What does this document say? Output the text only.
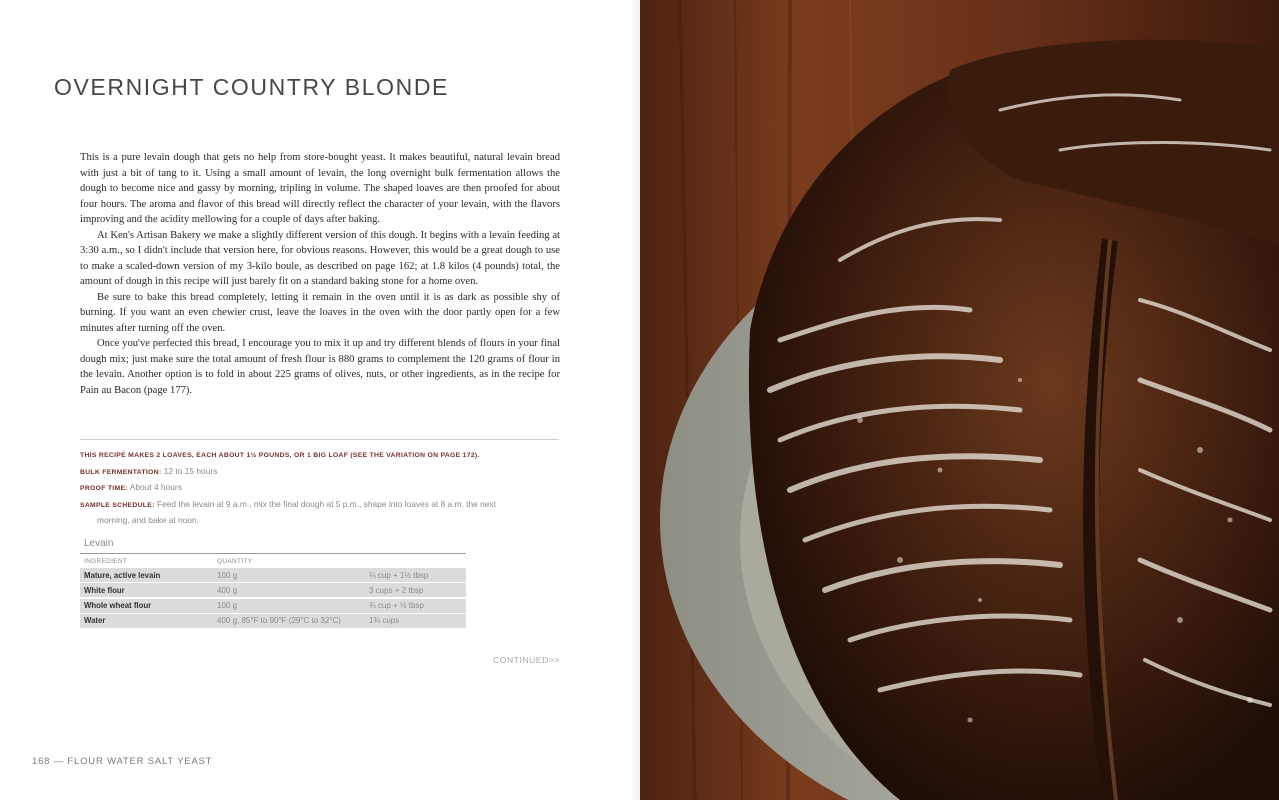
OVERNIGHT COUNTRY BLONDE

This is a pure levain dough that gets no help from store-bought yeast. It makes beautiful, natural levain bread with just a bit of tang to it. Using a small amount of levain, the long overnight bulk fermentation allows the dough to become nice and gassy by morning, tripling in volume. The shaped loaves are then proofed for about four hours. The aroma and flavor of this bread will directly reflect the character of your levain, with the flavors improving and the acidity mellowing for a couple of days after baking.

At Ken's Artisan Bakery we make a slightly different version of this dough. It begins with a levain feeding at 3:30 a.m., so I didn't include that version here, for obvious reasons. However, this would be a great dough to use to make a scaled-down version of my 3-kilo boule, as described on page 162; at 1.8 kilos (4 pounds) total, the amount of dough in this recipe will just barely fit on a standard baking stone for a home oven.

Be sure to bake this bread completely, letting it remain in the oven until it is as dark as possible shy of burning. If you want an even chewier crust, leave the loaves in the oven with the door partly open for a few minutes after turning off the oven.

Once you've perfected this bread, I encourage you to mix it up and try different blends of flours in your final dough mix; just make sure the total amount of fresh flour is 880 grams to complement the 120 grams of flour in the levain. Another option is to fold in about 225 grams of olives, nuts, or other ingredients, as in the recipe for Pain au Bacon (page 177).

THIS RECIPE MAKES 2 LOAVES, EACH ABOUT 1½ POUNDS, OR 1 BIG LOAF (SEE THE VARIATION ON PAGE 172).
BULK FERMENTATION: 12 to 15 hours
PROOF TIME: About 4 hours
SAMPLE SCHEDULE: Feed the levain at 9 a.m., mix the final dough at 5 p.m., shape into loaves at 8 a.m. the next
morning, and bake at noon.
Levain
INGREDIENT	QUANTITY
Mature, active levain	100 g	⅓ cup + 1½ tbsp
White flour	400 g	3 cups + 2 tbsp
Whole wheat flour	100 g	¾ cup + ½ tbsp
Water	400 g, 85°F to 90°F (29°C to 32°C)	1¾ cups
CONTINUED>>
168 — FLOUR WATER SALT YEAST
